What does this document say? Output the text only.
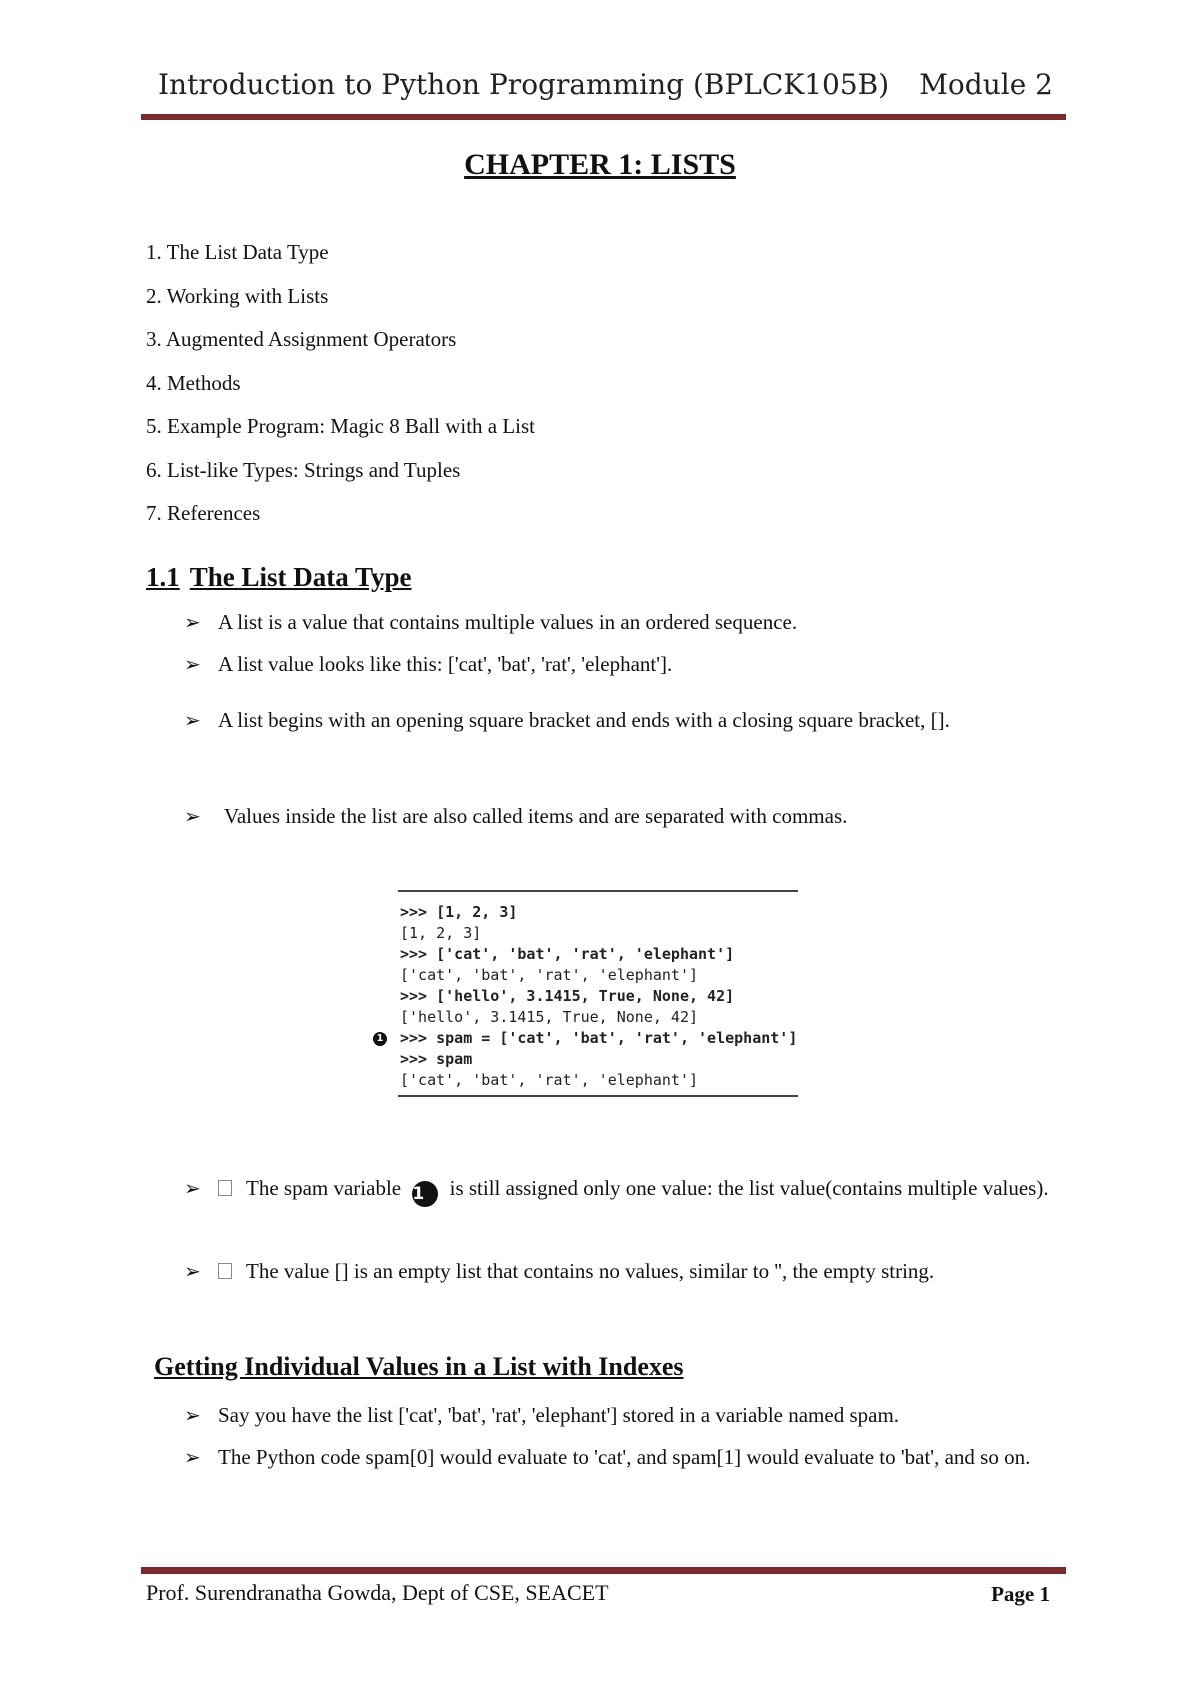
Introduction to Python Programming (BPLCK105B) Module 2
CHAPTER 1: LISTS
1. The List Data Type
2. Working with Lists
3. Augmented Assignment Operators
4. Methods
5. Example Program: Magic 8 Ball with a List
6. List-like Types: Strings and Tuples
7. References
1.1 The List Data Type
➢ A list is a value that contains multiple values in an ordered sequence.
➢ A list value looks like this: ['cat', 'bat', 'rat', 'elephant'].
➢ A list begins with an opening square bracket and ends with a closing square bracket, [].
➢	Values inside the list are also called items and are separated with commas.
>>> [1, 2, 3]
[1, 2, 3]
>>> ['cat', 'bat', 'rat', 'elephant']
['cat', 'bat', 'rat', 'elephant']
>>> ['hello', 3.1415, True, None, 42]
['hello', 3.1415, True, None, 42]
1 >>> spam = ['cat', 'bat', 'rat', 'elephant']
>>> spam
['cat', 'bat', 'rat', 'elephant']
➢	The spam variable 1 is still assigned only one value: the list value(contains multiple values).
➢	The value [] is an empty list that contains no values, similar to '', the empty string.
Getting Individual Values in a List with Indexes
➢ Say you have the list ['cat', 'bat', 'rat', 'elephant'] stored in a variable named spam.
➢ The Python code spam[0] would evaluate to 'cat', and spam[1] would evaluate to 'bat', and so on.
Prof. Surendranatha Gowda, Dept of CSE, SEACET	Page 1
